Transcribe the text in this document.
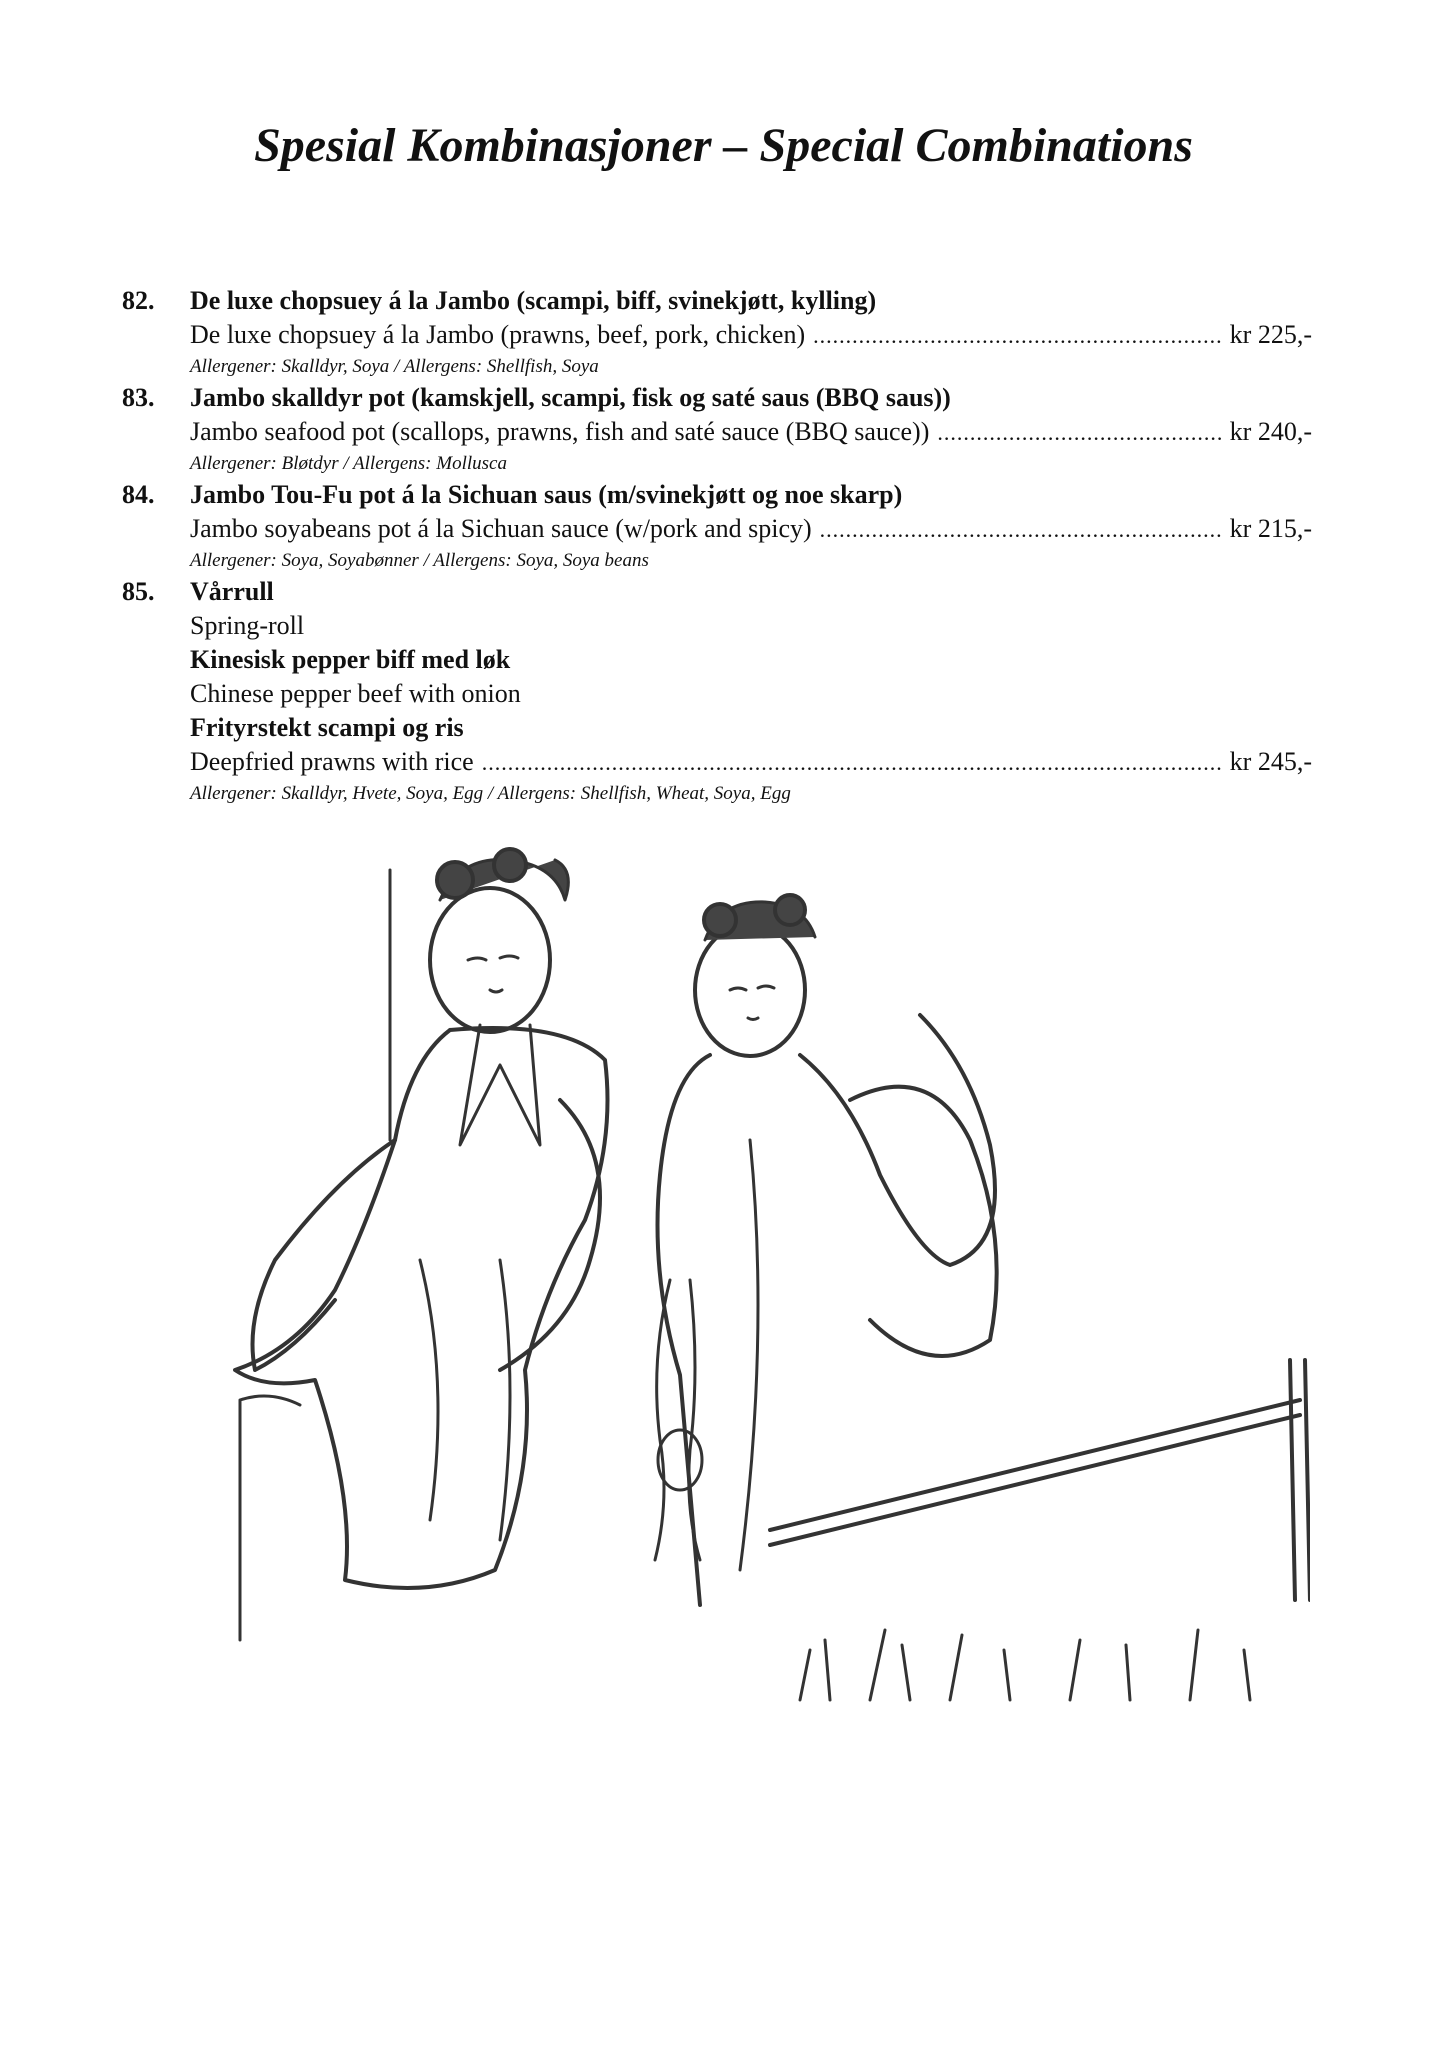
Spesial Kombinasjoner – Special Combinations
82.	De luxe chopsuey á la Jambo (scampi, biff, svinekjøtt, kylling)
De luxe chopsuey á la Jambo (prawns, beef, pork, chicken) .....	kr 225,-
Allergener: Skalldyr, Soya / Allergens: Shellfish, Soya
83.	Jambo skalldyr pot (kamskjell, scampi, fisk og saté saus (BBQ saus))
Jambo seafood pot (scallops, prawns, fish and saté sauce (BBQ sauce)) .....	kr 240,-
Allergener: Bløtdyr / Allergens: Mollusca
84.	Jambo Tou-Fu pot á la Sichuan saus (m/svinekjøtt og noe skarp)
Jambo soyabeans pot á la Sichuan sauce (w/pork and spicy) .....	kr 215,-
Allergener: Soya, Soyabønner / Allergens: Soya, Soya beans
85.	Vårrull
Spring-roll
Kinesisk pepper biff med løk
Chinese pepper beef with onion
Frityrstekt scampi og ris
Deepfried prawns with rice .....	kr 245,-
Allergener: Skalldyr, Hvete, Soya, Egg / Allergens: Shellfish, Wheat, Soya, Egg
